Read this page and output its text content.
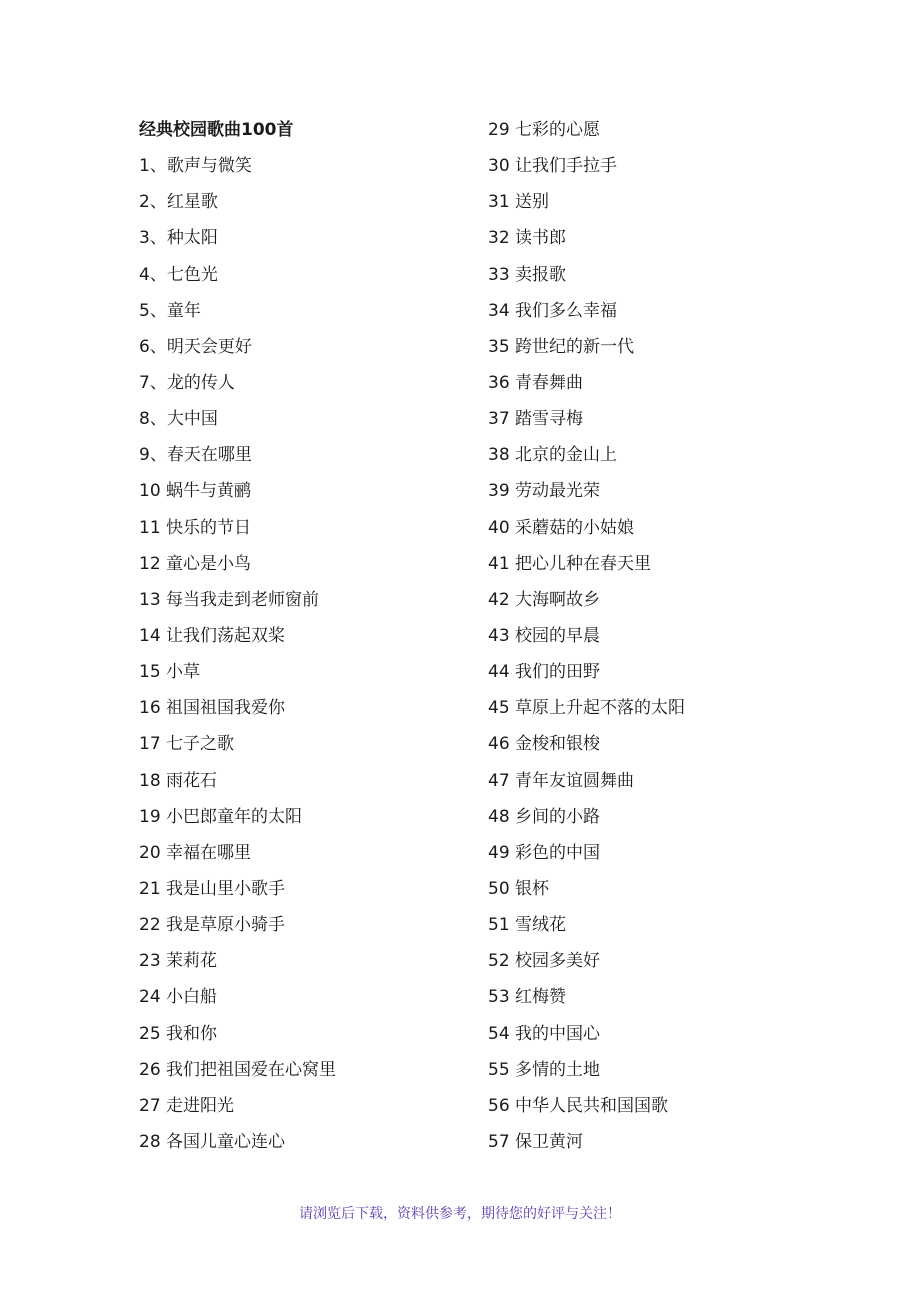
经典校园歌曲100首
1、歌声与微笑
2、红星歌
3、种太阳
4、七色光
5、童年
6、明天会更好
7、龙的传人
8、大中国
9、春天在哪里
10 蜗牛与黄鹂
11 快乐的节日
12 童心是小鸟
13 每当我走到老师窗前
14 让我们荡起双桨
15 小草
16 祖国祖国我爱你
17 七子之歌
18 雨花石
19 小巴郎童年的太阳
20 幸福在哪里
21 我是山里小歌手
22 我是草原小骑手
23 茉莉花
24 小白船
25 我和你
26 我们把祖国爱在心窝里
27 走进阳光
28 各国儿童心连心
29 七彩的心愿
30 让我们手拉手
31 送别
32 读书郎
33 卖报歌
34 我们多么幸福
35 跨世纪的新一代
36 青春舞曲
37 踏雪寻梅
38 北京的金山上
39 劳动最光荣
40 采蘑菇的小姑娘
41 把心儿种在春天里
42 大海啊故乡
43 校园的早晨
44 我们的田野
45 草原上升起不落的太阳
46 金梭和银梭
47 青年友谊圆舞曲
48 乡间的小路
49 彩色的中国
50 银杯
51 雪绒花
52 校园多美好
53 红梅赞
54 我的中国心
55 多情的土地
56 中华人民共和国国歌
57 保卫黄河
请浏览后下载，资料供参考，期待您的好评与关注！
